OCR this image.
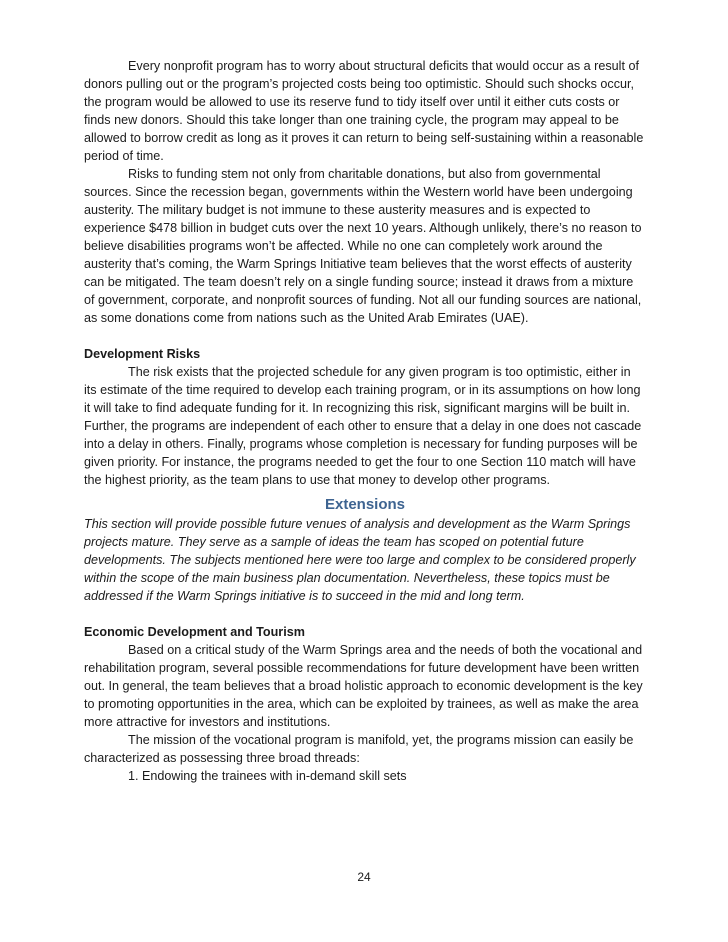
Every nonprofit program has to worry about structural deficits that would occur as a result of donors pulling out or the program’s projected costs being too optimistic. Should such shocks occur, the program would be allowed to use its reserve fund to tidy itself over until it either cuts costs or finds new donors. Should this take longer than one training cycle, the program may appeal to be allowed to borrow credit as long as it proves it can return to being self-sustaining within a reasonable period of time.

Risks to funding stem not only from charitable donations, but also from governmental sources. Since the recession began, governments within the Western world have been undergoing austerity. The military budget is not immune to these austerity measures and is expected to experience $478 billion in budget cuts over the next 10 years. Although unlikely, there’s no reason to believe disabilities programs won’t be affected. While no one can completely work around the austerity that’s coming, the Warm Springs Initiative team believes that the worst effects of austerity can be mitigated. The team doesn’t rely on a single funding source; instead it draws from a mixture of government, corporate, and nonprofit sources of funding. Not all our funding sources are national, as some donations come from nations such as the United Arab Emirates (UAE).

Development Risks

The risk exists that the projected schedule for any given program is too optimistic, either in its estimate of the time required to develop each training program, or in its assumptions on how long it will take to find adequate funding for it. In recognizing this risk, significant margins will be built in. Further, the programs are independent of each other to ensure that a delay in one does not cascade into a delay in others. Finally, programs whose completion is necessary for funding purposes will be given priority. For instance, the programs needed to get the four to one Section 110 match will have the highest priority, as the team plans to use that money to develop other programs.

Extensions

This section will provide possible future venues of analysis and development as the Warm Springs projects mature. They serve as a sample of ideas the team has scoped on potential future developments. The subjects mentioned here were too large and complex to be considered properly within the scope of the main business plan documentation. Nevertheless, these topics must be addressed if the Warm Springs initiative is to succeed in the mid and long term.

Economic Development and Tourism

Based on a critical study of the Warm Springs area and the needs of both the vocational and rehabilitation program, several possible recommendations for future development have been written out. In general, the team believes that a broad holistic approach to economic development is the key to promoting opportunities in the area, which can be exploited by trainees, as well as make the area more attractive for investors and institutions.

The mission of the vocational program is manifold, yet, the programs mission can easily be characterized as possessing three broad threads:

1. Endowing the trainees with in-demand skill sets

24
